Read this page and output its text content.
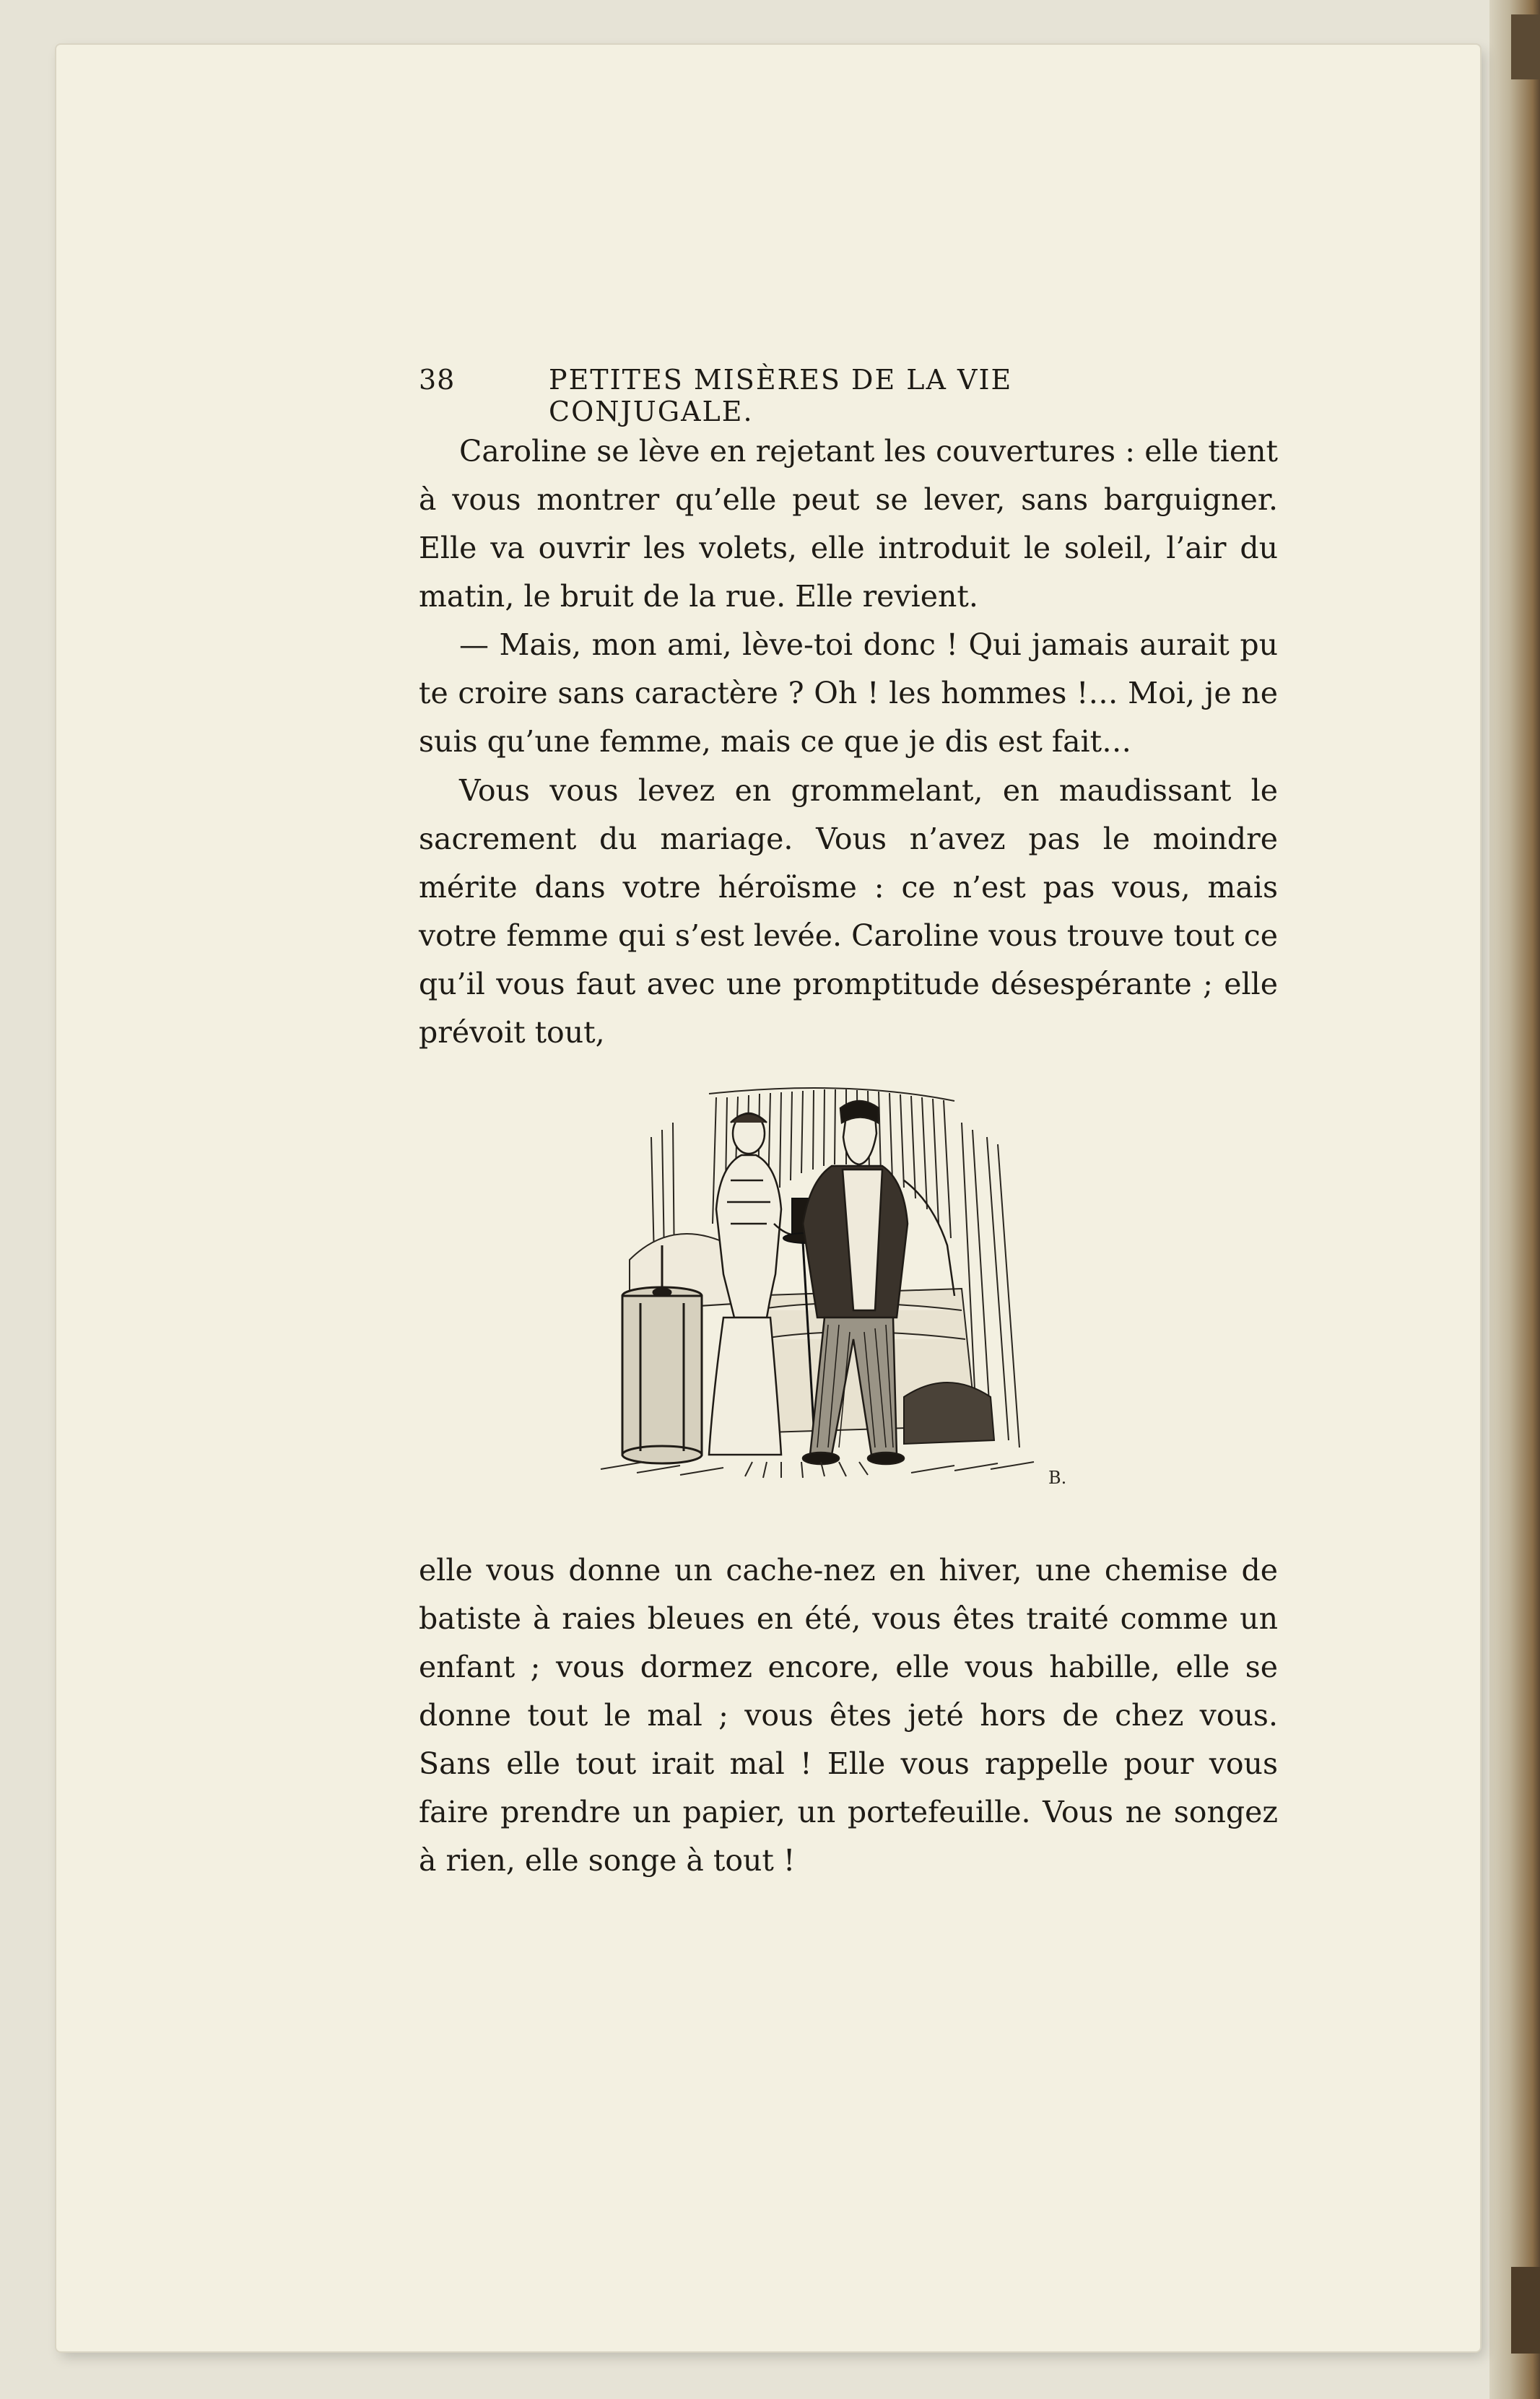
38	PETITES MISÈRES DE LA VIE CONJUGALE.

Caroline se lève en rejetant les couvertures : elle tient à vous montrer qu’elle peut se lever, sans barguigner. Elle va ouvrir les volets, elle introduit le soleil, l’air du matin, le bruit de la rue. Elle revient.

— Mais, mon ami, lève-toi donc ! Qui jamais aurait pu te croire sans caractère ? Oh ! les hommes !… Moi, je ne suis qu’une femme, mais ce que je dis est fait…

Vous vous levez en grommelant, en maudissant le sacrement du mariage. Vous n’avez pas le moindre mérite dans votre héroïsme : ce n’est pas vous, mais votre femme qui s’est levée. Caroline vous trouve tout ce qu’il vous faut avec une promptitude désespérante ; elle prévoit tout,

B.

elle vous donne un cache-nez en hiver, une chemise de batiste à raies bleues en été, vous êtes traité comme un enfant ; vous dormez encore, elle vous habille, elle se donne tout le mal ; vous êtes jeté hors de chez vous. Sans elle tout irait mal ! Elle vous rappelle pour vous faire prendre un papier, un portefeuille. Vous ne songez à rien, elle songe à tout !
